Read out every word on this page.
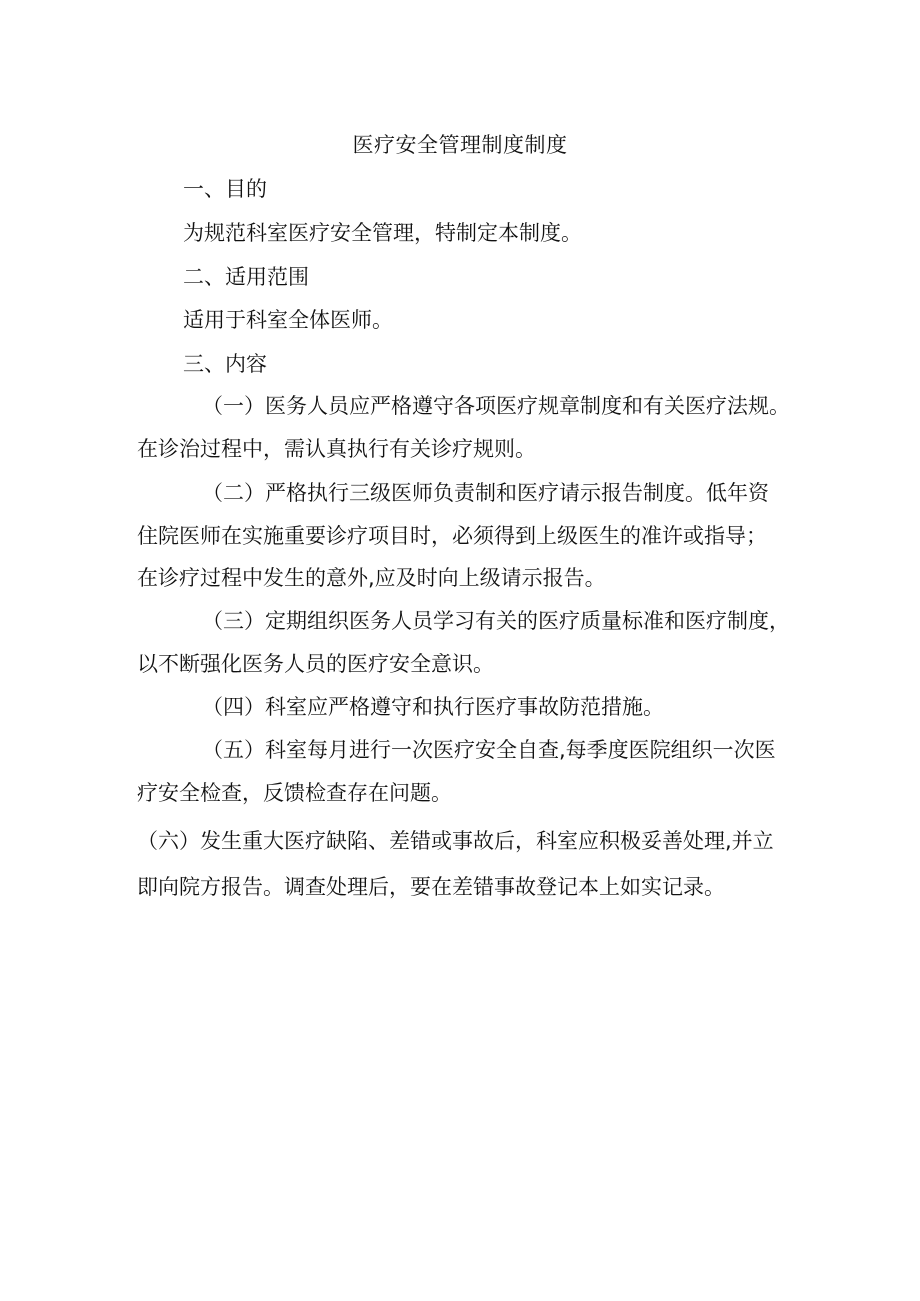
医疗安全管理制度制度
一、目的
为规范科室医疗安全管理，特制定本制度。
二、适用范围
适用于科室全体医师。
三、内容
（一）医务人员应严格遵守各项医疗规章制度和有关医疗法规。
在诊治过程中，需认真执行有关诊疗规则。
（二）严格执行三级医师负责制和医疗请示报告制度。低年资
住院医师在实施重要诊疗项目时，必须得到上级医生的准许或指导；
在诊疗过程中发生的意外,应及时向上级请示报告。
（三）定期组织医务人员学习有关的医疗质量标准和医疗制度，
以不断强化医务人员的医疗安全意识。
（四）科室应严格遵守和执行医疗事故防范措施。
（五）科室每月进行一次医疗安全自查,每季度医院组织一次医
疗安全检查，反馈检查存在问题。
（六）发生重大医疗缺陷、差错或事故后，科室应积极妥善处理,并立
即向院方报告。调查处理后，要在差错事故登记本上如实记录。
